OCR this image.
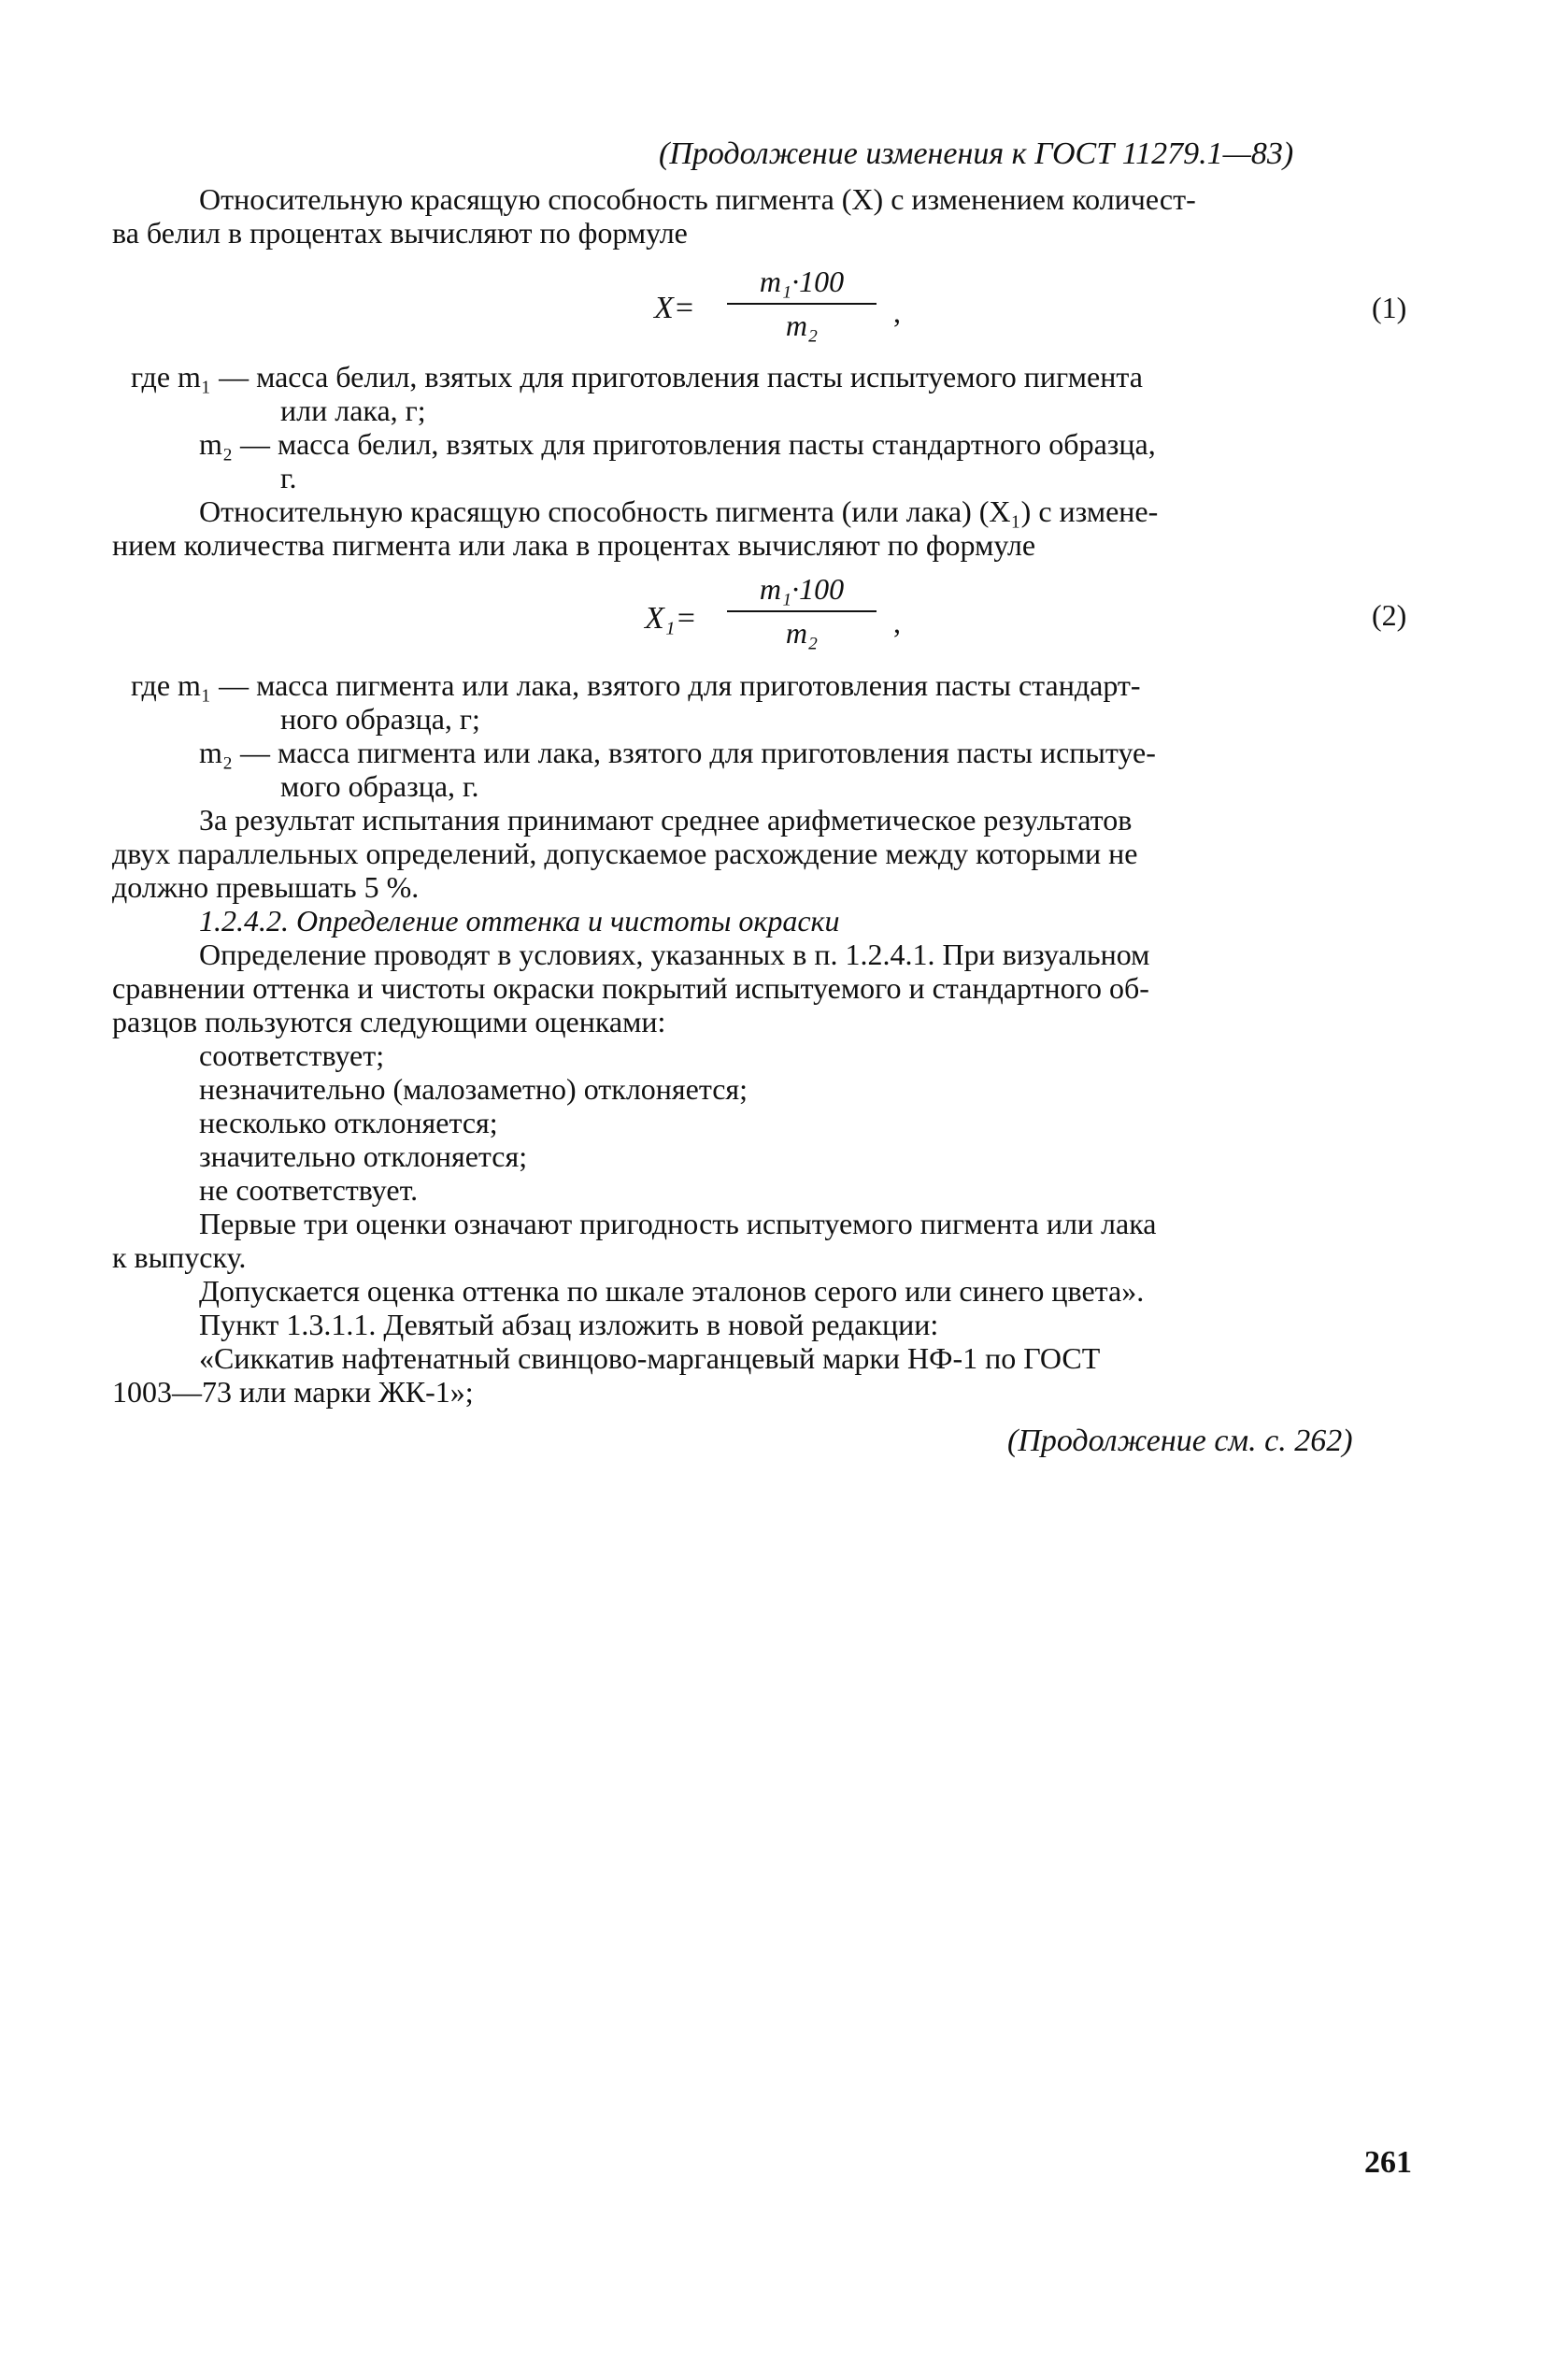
(Продолжение изменения к ГОСТ 11279.1—83)
Относительную красящую способность пигмента (X) с изменением количест-
ва белил в процентах вычисляют по формуле
X=
m₁·100
m₂	,	(1)
где m₁ — масса белил, взятых для приготовления пасты испытуемого пигмента
или лака, г;
m₂ — масса белил, взятых для приготовления пасты стандартного образца,
г.
Относительную красящую способность пигмента (или лака) (X₁) с измене-
нием количества пигмента или лака в процентах вычисляют по формуле
X₁=
m₁·100
m₂	,	(2)
где m₁ — масса пигмента или лака, взятого для приготовления пасты стандарт-
ного образца, г;
m₂ — масса пигмента или лака, взятого для приготовления пасты испытуе-
мого образца, г.
За результат испытания принимают среднее арифметическое результатов
двух параллельных определений, допускаемое расхождение между которыми не
должно превышать 5 %.
1.2.4.2. Определение оттенка и чистоты окраски
Определение проводят в условиях, указанных в п. 1.2.4.1. При визуальном
сравнении оттенка и чистоты окраски покрытий испытуемого и стандартного об-
разцов пользуются следующими оценками:
соответствует;
незначительно (малозаметно) отклоняется;
несколько отклоняется;
значительно отклоняется;
не соответствует.
Первые три оценки означают пригодность испытуемого пигмента или лака
к выпуску.
Допускается оценка оттенка по шкале эталонов серого или синего цвета».
Пункт 1.3.1.1. Девятый абзац изложить в новой редакции:
«Сиккатив нафтенатный свинцово-марганцевый марки НФ-1 по ГОСТ
1003—73 или марки ЖК-1»;
(Продолжение см. с. 262)
261
